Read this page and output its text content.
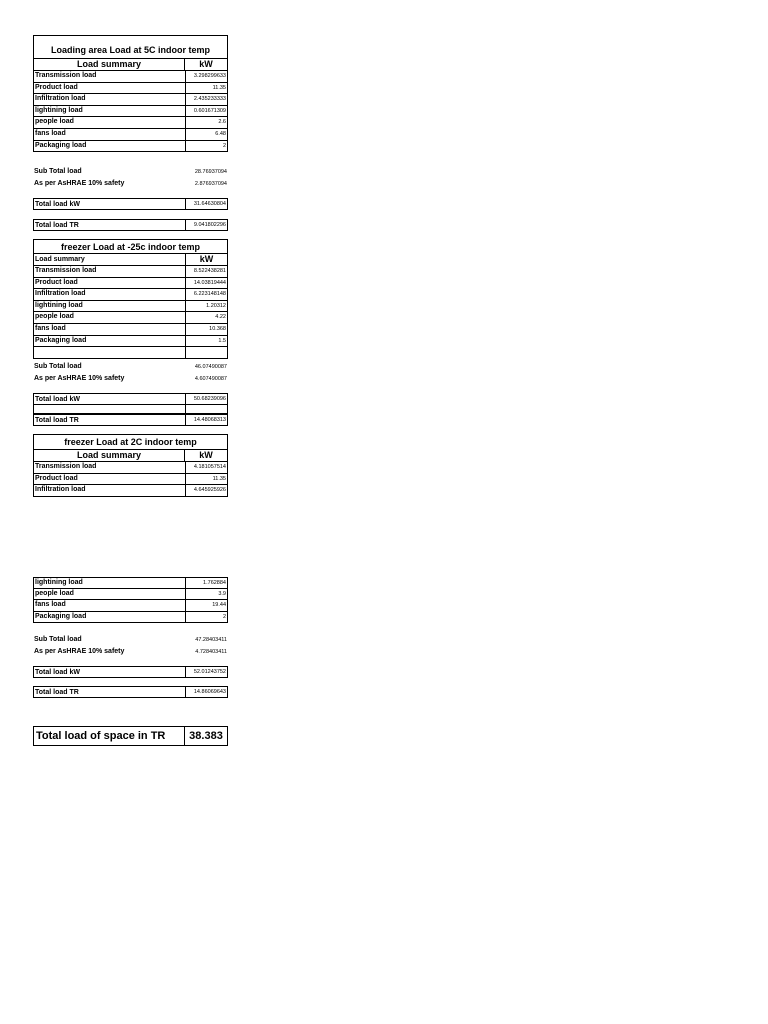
Loading area Load at 5C indoor temp
Load summary	kW
Transmission load	3.298299633
Product load	11.35
Infiltration load	2.435233333
lightining load	0.601671309
people load	2.6
fans load	6.48
Packaging load	2
Sub Total load	28.76937094
As per AsHRAE 10% safety	2.876937094
Total load kW	31.64630804
Total load TR	9.041802296
freezer Load at -25c indoor temp
Load summary	kW
Transmission load	8.522438281
Product load	14.03819444
Infiltration load	6.223148148
lightining load	1.20312
people load	4.22
fans load	10.368
Packaging load	1.5
Sub Total load	46.07490087
As per AsHRAE 10% safety	4.607490087
Total load kW	50.68239096
Total load TR	14.48068313
freezer Load at 2C indoor temp
Load summary	kW
Transmission load	4.181057514
Product load	11.35
Infiltration load	4.645925926
lightining load	1.762884
people load	3.9
fans load	19.44
Packaging load	2
Sub Total load	47.28403411
As per AsHRAE 10% safety	4.728403411
Total load kW	52.01243752
Total load TR	14.86069643
Total load of space in TR	38.383
